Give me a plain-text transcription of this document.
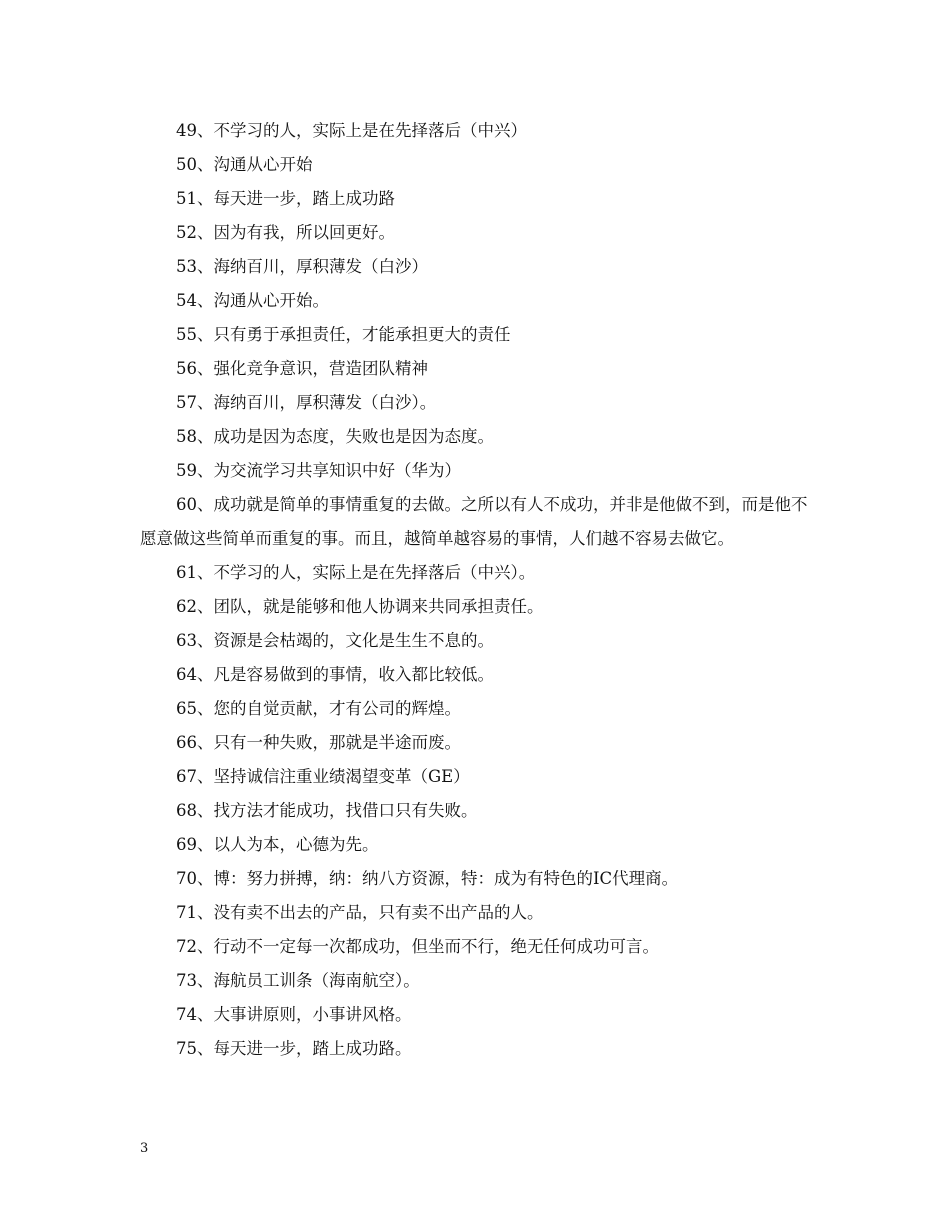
49、不学习的人，实际上是在先择落后（中兴）

50、沟通从心开始

51、每天进一步，踏上成功路

52、因为有我，所以回更好。

53、海纳百川，厚积薄发（白沙）

54、沟通从心开始。

55、只有勇于承担责任，才能承担更大的责任

56、强化竞争意识，营造团队精神

57、海纳百川，厚积薄发（白沙）。

58、成功是因为态度，失败也是因为态度。

59、为交流学习共享知识中好（华为）

60、成功就是简单的事情重复的去做。之所以有人不成功，并非是他做不到，而是他不愿意做这些简单而重复的事。而且，越简单越容易的事情，人们越不容易去做它。

61、不学习的人，实际上是在先择落后（中兴）。

62、团队，就是能够和他人协调来共同承担责任。

63、资源是会枯竭的，文化是生生不息的。

64、凡是容易做到的事情，收入都比较低。

65、您的自觉贡献，才有公司的辉煌。

66、只有一种失败，那就是半途而废。

67、坚持诚信注重业绩渴望变革（GE）

68、找方法才能成功，找借口只有失败。

69、以人为本，心德为先。

70、博：努力拼搏，纳：纳八方资源，特：成为有特色的IC代理商。

71、没有卖不出去的产品，只有卖不出产品的人。

72、行动不一定每一次都成功，但坐而不行，绝无任何成功可言。

73、海航员工训条（海南航空）。

74、大事讲原则，小事讲风格。

75、每天进一步，踏上成功路。

3
